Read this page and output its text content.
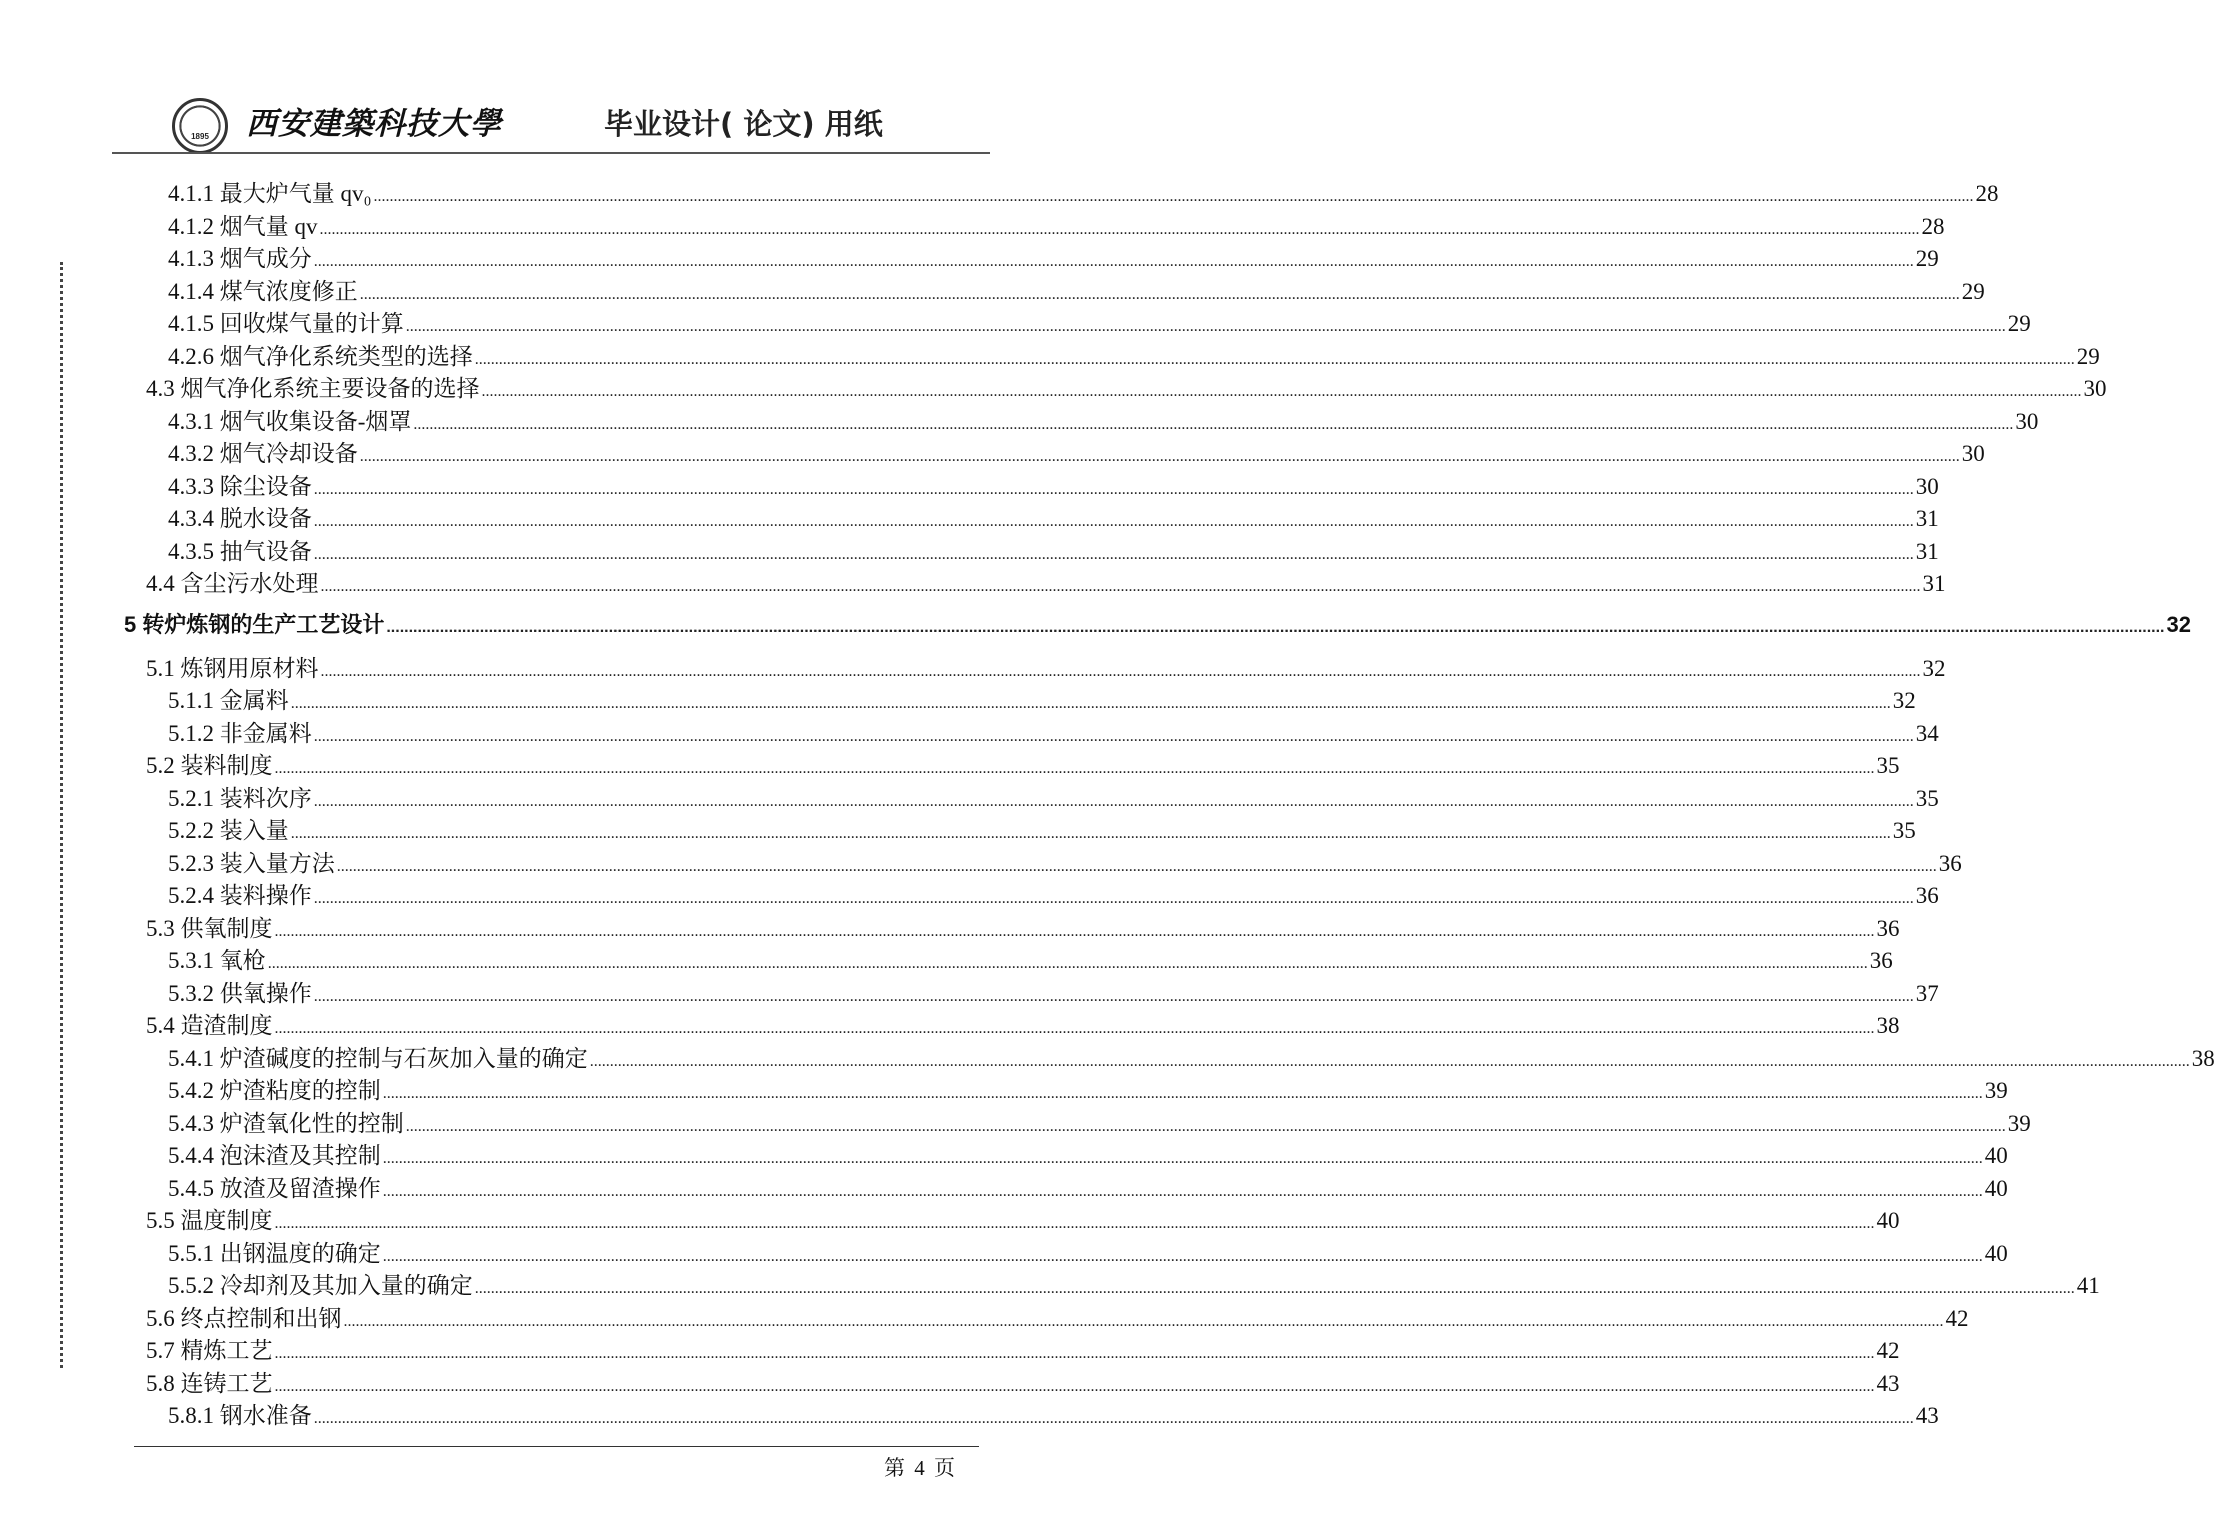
1895	西安建築科技大學	毕业设计( 论文) 用纸
4.1.1 最大炉气量 qv₀ ................................................................................................................................................................................................................................................................................................................................................................................................................ 28
4.1.2 烟气量 qv ................................................................................................................................................................................................................................................................................................................................................................................................................ 28
4.1.3 烟气成分 ................................................................................................................................................................................................................................................................................................................................................................................................................ 29
4.1.4 煤气浓度修正 ................................................................................................................................................................................................................................................................................................................................................................................................................ 29
4.1.5 回收煤气量的计算 ................................................................................................................................................................................................................................................................................................................................................................................................................ 29
4.2.6 烟气净化系统类型的选择 ................................................................................................................................................................................................................................................................................................................................................................................................................ 29
4.3 烟气净化系统主要设备的选择 ................................................................................................................................................................................................................................................................................................................................................................................................................ 30
4.3.1 烟气收集设备-烟罩 ................................................................................................................................................................................................................................................................................................................................................................................................................ 30
4.3.2 烟气冷却设备 ................................................................................................................................................................................................................................................................................................................................................................................................................ 30
4.3.3 除尘设备 ................................................................................................................................................................................................................................................................................................................................................................................................................ 30
4.3.4 脱水设备 ................................................................................................................................................................................................................................................................................................................................................................................................................ 31
4.3.5 抽气设备 ................................................................................................................................................................................................................................................................................................................................................................................................................ 31
4.4 含尘污水处理 ................................................................................................................................................................................................................................................................................................................................................................................................................ 31
5 转炉炼钢的生产工艺设计 ................................................................................................................................................................................................................................................................................................................................................................................................................ 32
5.1 炼钢用原材料 ................................................................................................................................................................................................................................................................................................................................................................................................................ 32
5.1.1 金属料 ................................................................................................................................................................................................................................................................................................................................................................................................................ 32
5.1.2 非金属料 ................................................................................................................................................................................................................................................................................................................................................................................................................ 34
5.2 装料制度 ................................................................................................................................................................................................................................................................................................................................................................................................................ 35
5.2.1 装料次序 ................................................................................................................................................................................................................................................................................................................................................................................................................ 35
5.2.2 装入量 ................................................................................................................................................................................................................................................................................................................................................................................................................ 35
5.2.3 装入量方法 ................................................................................................................................................................................................................................................................................................................................................................................................................ 36
5.2.4 装料操作 ................................................................................................................................................................................................................................................................................................................................................................................................................ 36
5.3 供氧制度 ................................................................................................................................................................................................................................................................................................................................................................................................................ 36
5.3.1 氧枪 ................................................................................................................................................................................................................................................................................................................................................................................................................ 36
5.3.2 供氧操作 ................................................................................................................................................................................................................................................................................................................................................................................................................ 37
5.4 造渣制度 ................................................................................................................................................................................................................................................................................................................................................................................................................ 38
5.4.1 炉渣碱度的控制与石灰加入量的确定 ................................................................................................................................................................................................................................................................................................................................................................................................................ 38
5.4.2 炉渣粘度的控制 ................................................................................................................................................................................................................................................................................................................................................................................................................ 39
5.4.3 炉渣氧化性的控制 ................................................................................................................................................................................................................................................................................................................................................................................................................ 39
5.4.4 泡沫渣及其控制 ................................................................................................................................................................................................................................................................................................................................................................................................................ 40
5.4.5 放渣及留渣操作 ................................................................................................................................................................................................................................................................................................................................................................................................................ 40
5.5 温度制度 ................................................................................................................................................................................................................................................................................................................................................................................................................ 40
5.5.1 出钢温度的确定 ................................................................................................................................................................................................................................................................................................................................................................................................................ 40
5.5.2 冷却剂及其加入量的确定 ................................................................................................................................................................................................................................................................................................................................................................................................................ 41
5.6 终点控制和出钢 ................................................................................................................................................................................................................................................................................................................................................................................................................ 42
5.7 精炼工艺 ................................................................................................................................................................................................................................................................................................................................................................................................................ 42
5.8 连铸工艺 ................................................................................................................................................................................................................................................................................................................................................................................................................ 43
5.8.1 钢水准备 ................................................................................................................................................................................................................................................................................................................................................................................................................ 43
第 4 页
